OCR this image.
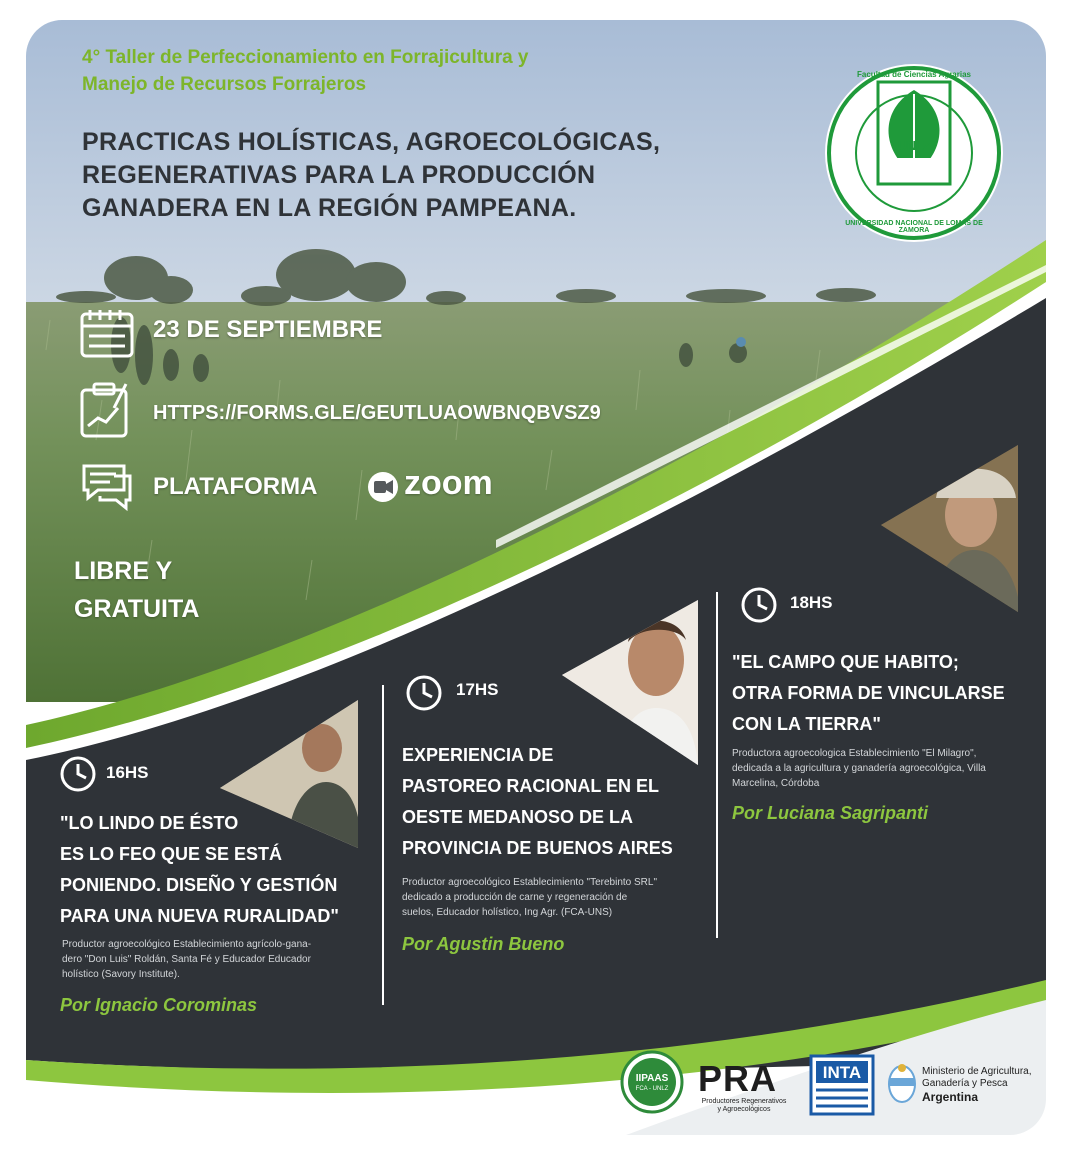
4° Taller de Perfeccionamiento en Forrajicultura y
Manejo de Recursos Forrajeros
PRACTICAS HOLÍSTICAS, AGROECOLÓGICAS,
REGENERATIVAS PARA LA PRODUCCIÓN
GANADERA EN LA REGIÓN PAMPEANA.
UNLZ
Facultad de Ciencias Agrarias
UNIVERSIDAD NACIONAL DE LOMAS DE ZAMORA
23 DE SEPTIEMBRE
HTTPS://FORMS.GLE/GEUTLUAOWBNQBVSZ9
PLATAFORMA	zoom
LIBRE Y
GRATUITA
16HS
"LO LINDO DE ÉSTO
ES LO FEO QUE SE ESTÁ
PONIENDO. DISEÑO Y GESTIÓN
PARA UNA NUEVA RURALIDAD"
Productor agroecológico Establecimiento agrícolo-gana-
dero "Don Luis" Roldán, Santa Fé y Educador Educador
holístico (Savory Institute).
Por Ignacio Corominas
17HS
EXPERIENCIA DE
PASTOREO RACIONAL EN EL
OESTE MEDANOSO DE LA
PROVINCIA DE BUENOS AIRES
Productor agroecológico Establecimiento "Terebinto SRL"
dedicado a producción de carne y regeneración de
suelos, Educador holístico, Ing Agr. (FCA-UNS)
Por Agustin Bueno
18HS
"EL CAMPO QUE HABITO;
OTRA FORMA DE VINCULARSE
CON LA TIERRA"
Productora agroecologica Establecimiento "El Milagro",
dedicada a la agricultura y ganadería agroecológica, Villa
Marcelina, Córdoba
Por Luciana Sagripanti
IIPAAS
FCA - UNLZ PRA
Productores Regenerativos
y Agroecológicos
INTA	Ministerio de Agricultura,
Ganadería y Pesca
Argentina
